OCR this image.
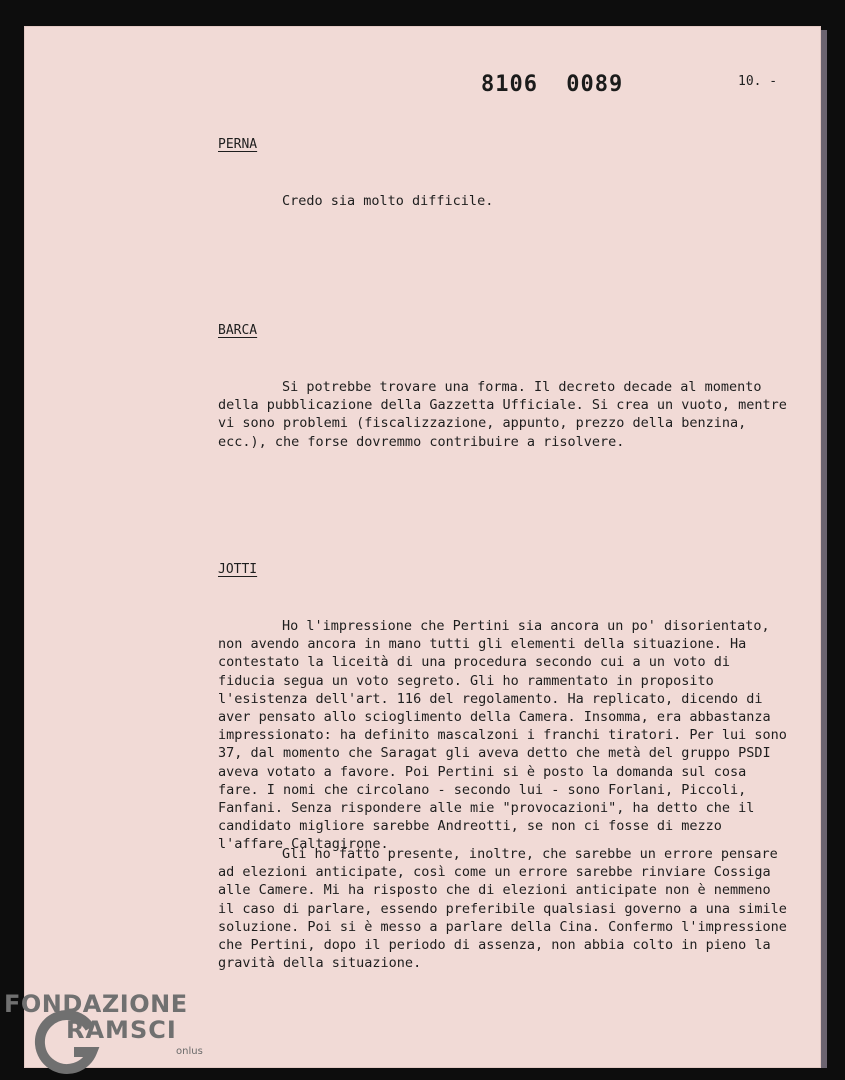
8106 0089	10. -
PERNA

Credo sia molto difficile.

BARCA

Si potrebbe trovare una forma. Il decreto decade al momento della pubblicazione della Gazzetta Ufficiale. Si crea un vuoto, mentre vi sono problemi (fiscalizzazione, appunto, prezzo della benzina, ecc.), che forse dovremmo contribuire a risolvere.

JOTTI

Ho l'impressione che Pertini sia ancora un po' disorientato, non avendo ancora in mano tutti gli elementi della situazione. Ha contestato la liceità di una procedura secondo cui a un voto di fiducia segua un voto segreto. Gli ho rammentato in proposito l'esistenza dell'art. 116 del regolamento. Ha replicato, dicendo di aver pensato allo scioglimento della Camera. Insomma, era abbastanza impressionato: ha definito mascalzoni i franchi tiratori. Per lui sono 37, dal momento che Saragat gli aveva detto che metà del gruppo PSDI aveva votato a favore. Poi Pertini si è posto la domanda sul cosa fare. I nomi che circolano - secondo lui - sono Forlani, Piccoli, Fanfani. Senza rispondere alle mie "provocazioni", ha detto che il candidato migliore sarebbe Andreotti, se non ci fosse di mezzo l'affare Caltagirone.

Gli ho fatto presente, inoltre, che sarebbe un errore pensare ad elezioni anticipate, così come un errore sarebbe rinviare Cossiga alle Camere. Mi ha risposto che di elezioni anticipate non è nemmeno il caso di parlare, essendo preferibile qualsiasi governo a una simile soluzione. Poi si è messo a parlare della Cina. Confermo l'impressione che Pertini, dopo il periodo di assenza, non abbia colto in pieno la gravità della situazione.

FONDAZIONE
RAMSCI
onlus
